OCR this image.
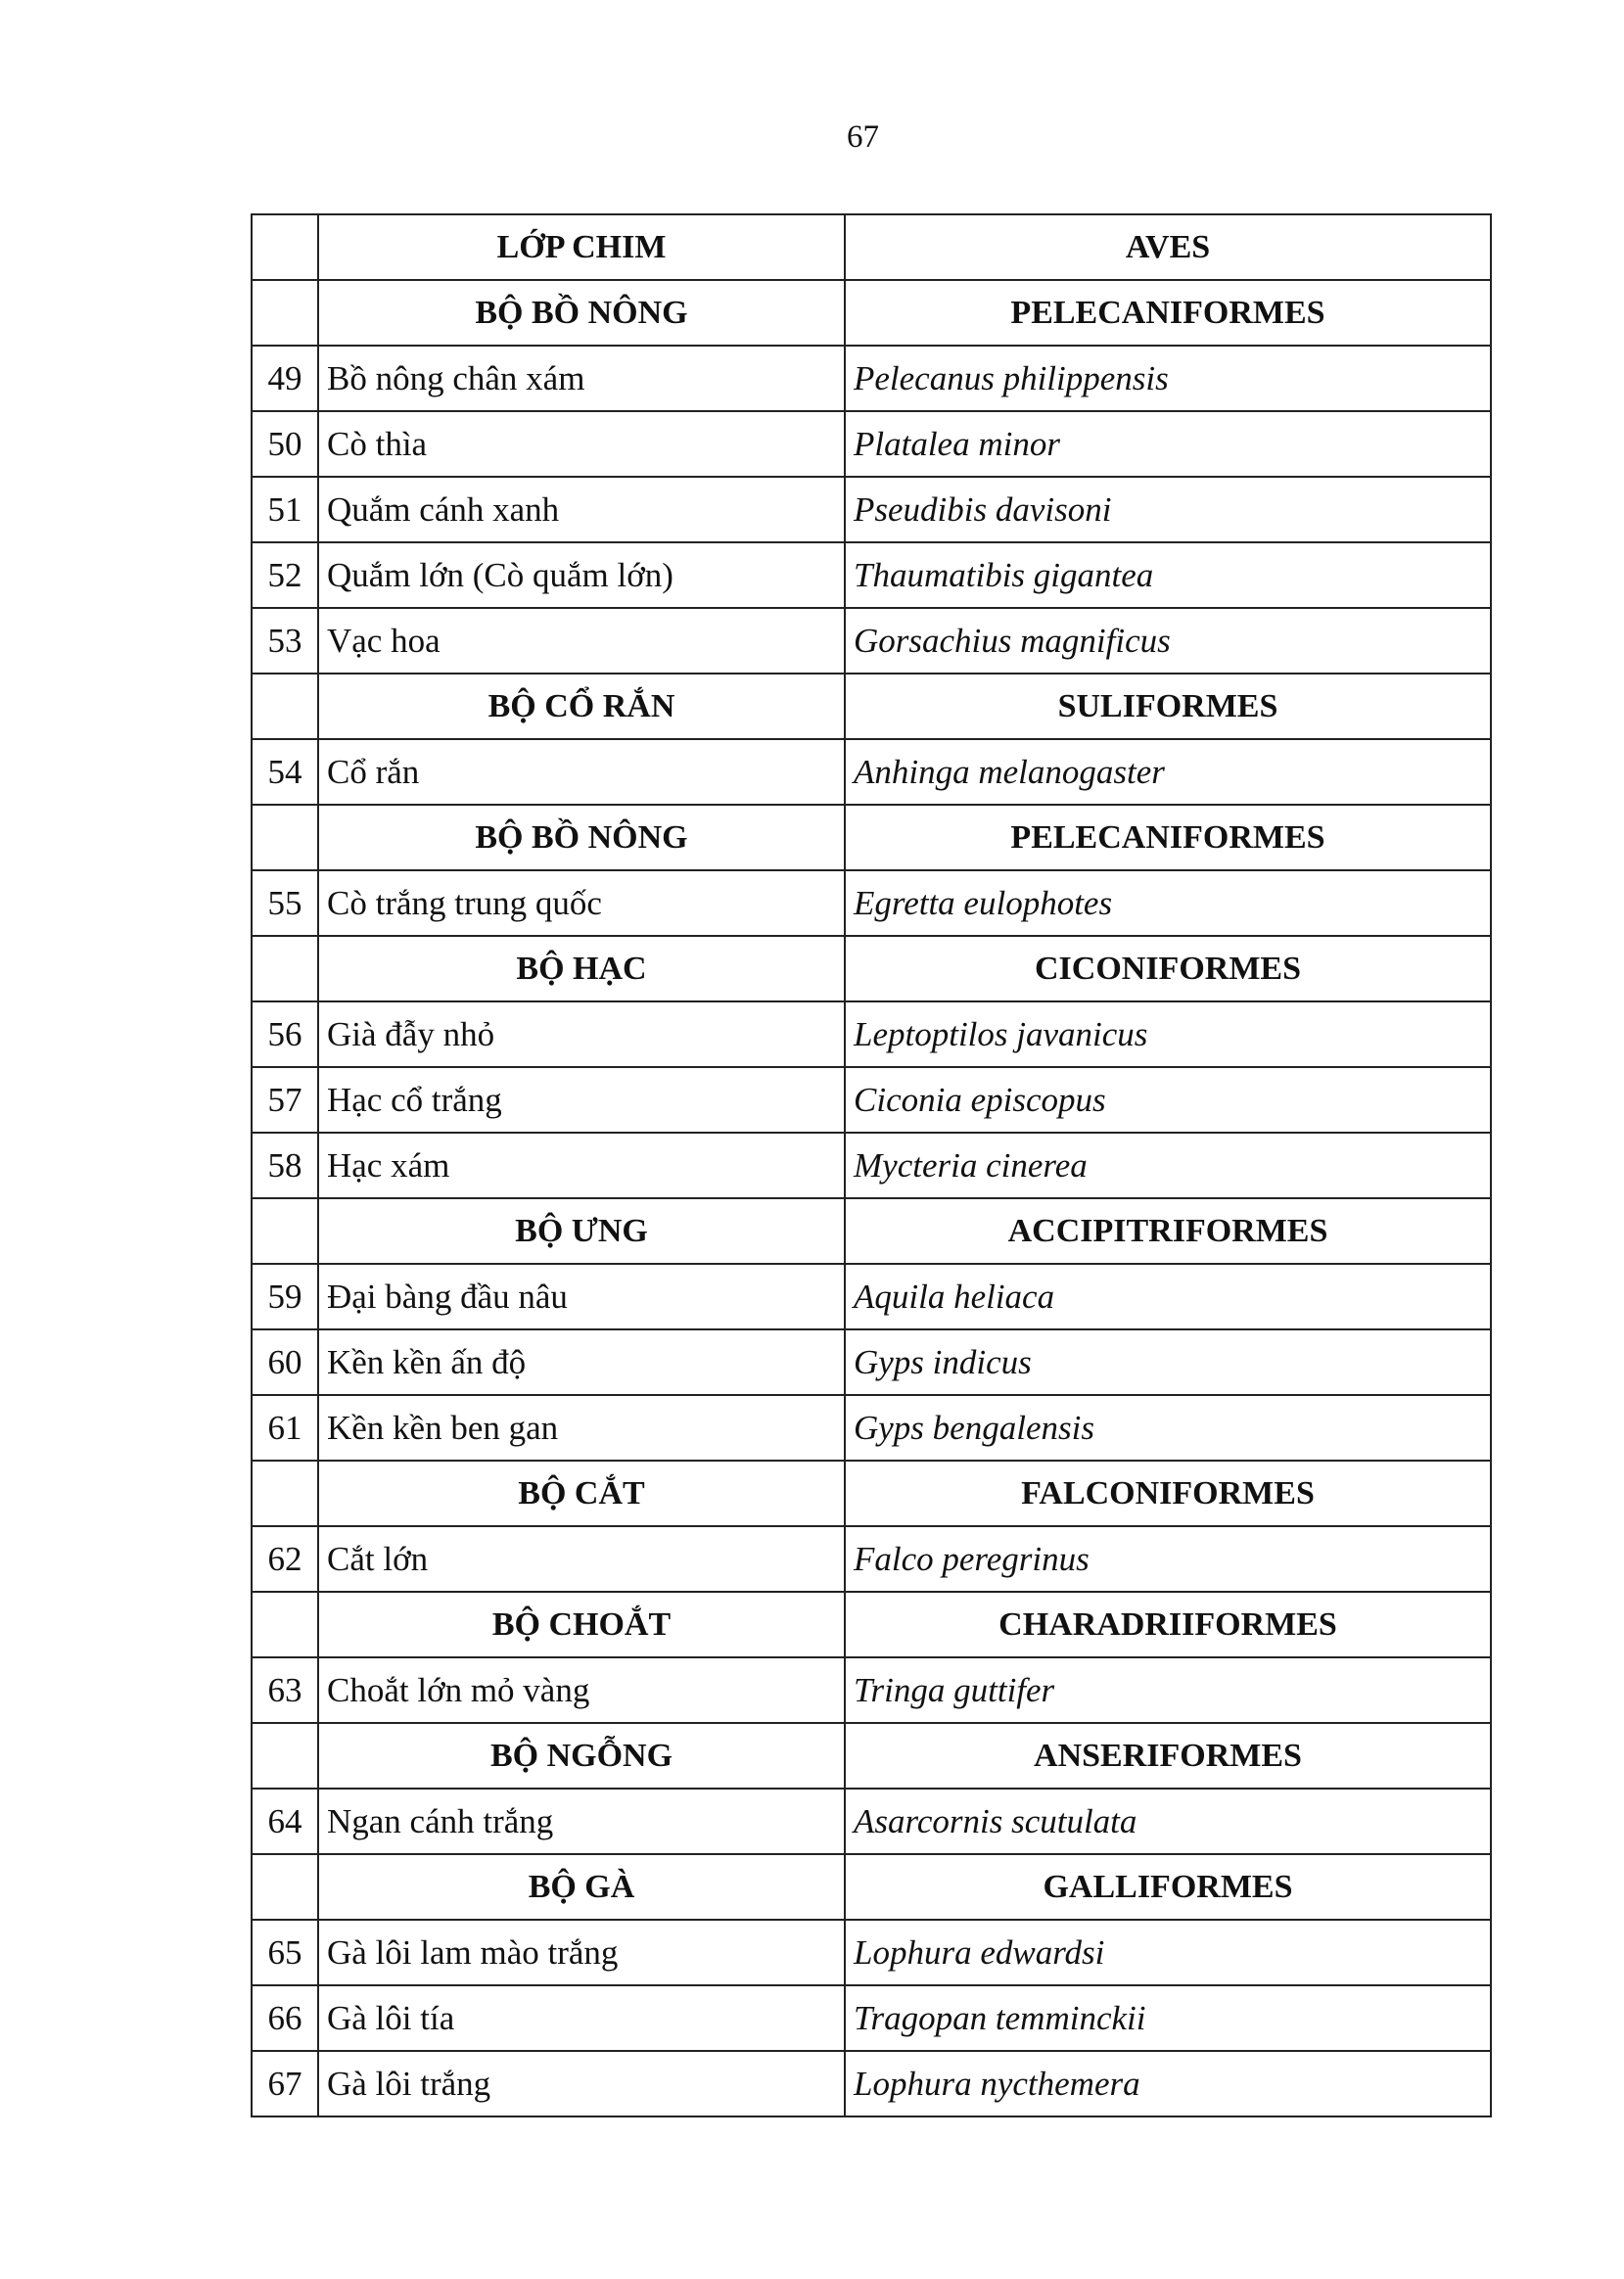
67
	LỚP CHIM	AVES
	BỘ BỒ NÔNG	PELECANIFORMES
49	Bồ nông chân xám	Pelecanus philippensis
50	Cò thìa	Platalea minor
51	Quắm cánh xanh	Pseudibis davisoni
52	Quắm lớn (Cò quắm lớn)	Thaumatibis gigantea
53	Vạc hoa	Gorsachius magnificus
	BỘ CỔ RẮN	SULIFORMES
54	Cổ rắn	Anhinga melanogaster
	BỘ BỒ NÔNG	PELECANIFORMES
55	Cò trắng trung quốc	Egretta eulophotes
	BỘ HẠC	CICONIFORMES
56	Già đẫy nhỏ	Leptoptilos javanicus
57	Hạc cổ trắng	Ciconia episcopus
58	Hạc xám	Mycteria cinerea
	BỘ ƯNG	ACCIPITRIFORMES
59	Đại bàng đầu nâu	Aquila heliaca
60	Kền kền ấn độ	Gyps indicus
61	Kền kền ben gan	Gyps bengalensis
	BỘ CẮT	FALCONIFORMES
62	Cắt lớn	Falco peregrinus
	BỘ CHOẮT	CHARADRIIFORMES
63	Choắt lớn mỏ vàng	Tringa guttifer
	BỘ NGỖNG	ANSERIFORMES
64	Ngan cánh trắng	Asarcornis scutulata
	BỘ GÀ	GALLIFORMES
65	Gà lôi lam mào trắng	Lophura edwardsi
66	Gà lôi tía	Tragopan temminckii
67	Gà lôi trắng	Lophura nycthemera
